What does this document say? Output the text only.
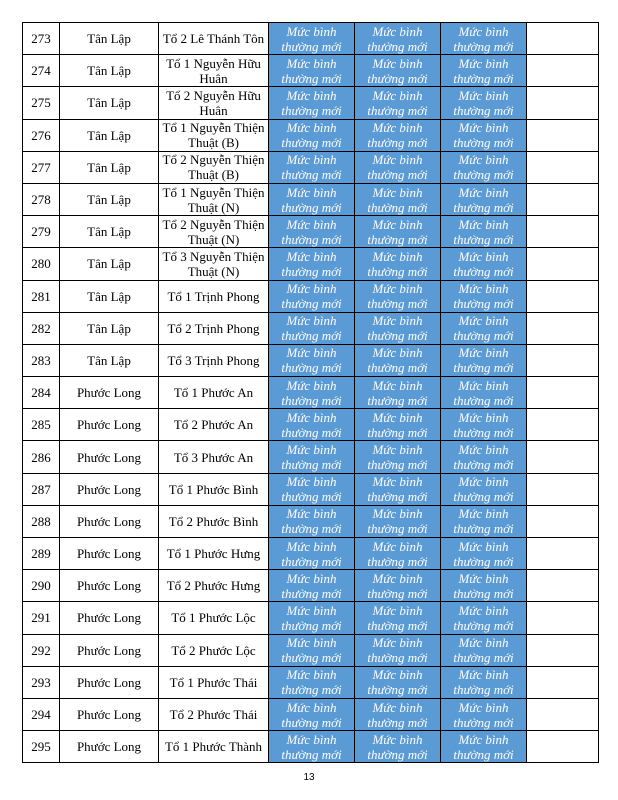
273	Tân Lập	Tổ 2 Lê Thánh Tôn	Mức bình thường mới	Mức bình thường mới	Mức bình thường mới	
274	Tân Lập	Tổ 1 Nguyễn Hữu Huân	Mức bình thường mới	Mức bình thường mới	Mức bình thường mới	
275	Tân Lập	Tổ 2 Nguyễn Hữu Huân	Mức bình thường mới	Mức bình thường mới	Mức bình thường mới	
276	Tân Lập	Tổ 1 Nguyễn Thiện Thuật (B)	Mức bình thường mới	Mức bình thường mới	Mức bình thường mới	
277	Tân Lập	Tổ 2 Nguyễn Thiện Thuật (B)	Mức bình thường mới	Mức bình thường mới	Mức bình thường mới	
278	Tân Lập	Tổ 1 Nguyễn Thiện Thuật (N)	Mức bình thường mới	Mức bình thường mới	Mức bình thường mới	
279	Tân Lập	Tổ 2 Nguyễn Thiện Thuật (N)	Mức bình thường mới	Mức bình thường mới	Mức bình thường mới	
280	Tân Lập	Tổ 3 Nguyễn Thiện Thuật (N)	Mức bình thường mới	Mức bình thường mới	Mức bình thường mới	
281	Tân Lập	Tổ 1 Trịnh Phong	Mức bình thường mới	Mức bình thường mới	Mức bình thường mới	
282	Tân Lập	Tổ 2 Trịnh Phong	Mức bình thường mới	Mức bình thường mới	Mức bình thường mới	
283	Tân Lập	Tổ 3 Trịnh Phong	Mức bình thường mới	Mức bình thường mới	Mức bình thường mới	
284	Phước Long	Tổ 1 Phước An	Mức bình thường mới	Mức bình thường mới	Mức bình thường mới	
285	Phước Long	Tổ 2 Phước An	Mức bình thường mới	Mức bình thường mới	Mức bình thường mới	
286	Phước Long	Tổ 3 Phước An	Mức bình thường mới	Mức bình thường mới	Mức bình thường mới	
287	Phước Long	Tổ 1 Phước Bình	Mức bình thường mới	Mức bình thường mới	Mức bình thường mới	
288	Phước Long	Tổ 2 Phước Bình	Mức bình thường mới	Mức bình thường mới	Mức bình thường mới	
289	Phước Long	Tổ 1 Phước Hưng	Mức bình thường mới	Mức bình thường mới	Mức bình thường mới	
290	Phước Long	Tổ 2 Phước Hưng	Mức bình thường mới	Mức bình thường mới	Mức bình thường mới	
291	Phước Long	Tổ 1 Phước Lộc	Mức bình thường mới	Mức bình thường mới	Mức bình thường mới	
292	Phước Long	Tổ 2 Phước Lộc	Mức bình thường mới	Mức bình thường mới	Mức bình thường mới	
293	Phước Long	Tổ 1 Phước Thái	Mức bình thường mới	Mức bình thường mới	Mức bình thường mới	
294	Phước Long	Tổ 2 Phước Thái	Mức bình thường mới	Mức bình thường mới	Mức bình thường mới	
295	Phước Long	Tổ 1 Phước Thành	Mức bình thường mới	Mức bình thường mới	Mức bình thường mới	
13
